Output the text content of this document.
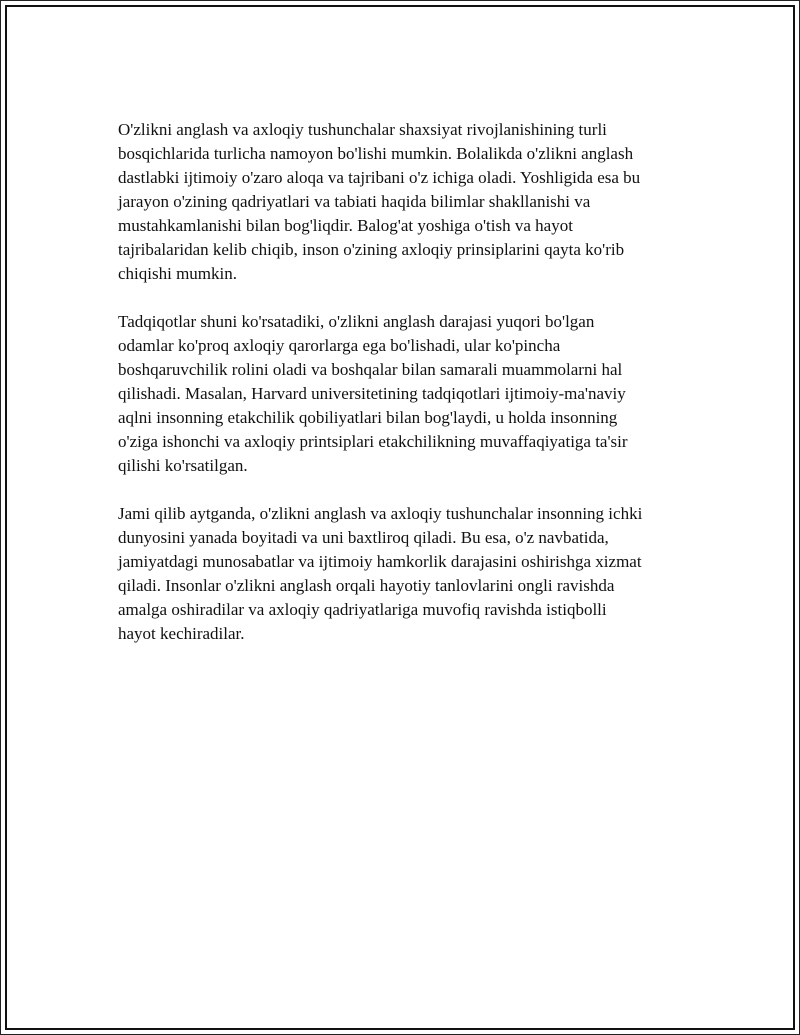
O'zlikni anglash va axloqiy tushunchalar shaxsiyat rivojlanishining turli
bosqichlarida turlicha namoyon bo'lishi mumkin. Bolalikda o'zlikni anglash
dastlabki ijtimoiy o'zaro aloqa va tajribani o'z ichiga oladi. Yoshligida esa bu
jarayon o'zining qadriyatlari va tabiati haqida bilimlar shakllanishi va
mustahkamlanishi bilan bog'liqdir. Balog'at yoshiga o'tish va hayot
tajribalaridan kelib chiqib, inson o'zining axloqiy prinsiplarini qayta ko'rib
chiqishi mumkin.

Tadqiqotlar shuni ko'rsatadiki, o'zlikni anglash darajasi yuqori bo'lgan
odamlar ko'proq axloqiy qarorlarga ega bo'lishadi, ular ko'pincha
boshqaruvchilik rolini oladi va boshqalar bilan samarali muammolarni hal
qilishadi. Masalan, Harvard universitetining tadqiqotlari ijtimoiy-ma'naviy
aqlni insonning etakchilik qobiliyatlari bilan bog'laydi, u holda insonning
o'ziga ishonchi va axloqiy printsiplari etakchilikning muvaffaqiyatiga ta'sir
qilishi ko'rsatilgan.

Jami qilib aytganda, o'zlikni anglash va axloqiy tushunchalar insonning ichki
dunyosini yanada boyitadi va uni baxtliroq qiladi. Bu esa, o'z navbatida,
jamiyatdagi munosabatlar va ijtimoiy hamkorlik darajasini oshirishga xizmat
qiladi. Insonlar o'zlikni anglash orqali hayotiy tanlovlarini ongli ravishda
amalga oshiradilar va axloqiy qadriyatlariga muvofiq ravishda istiqbolli
hayot kechiradilar.
